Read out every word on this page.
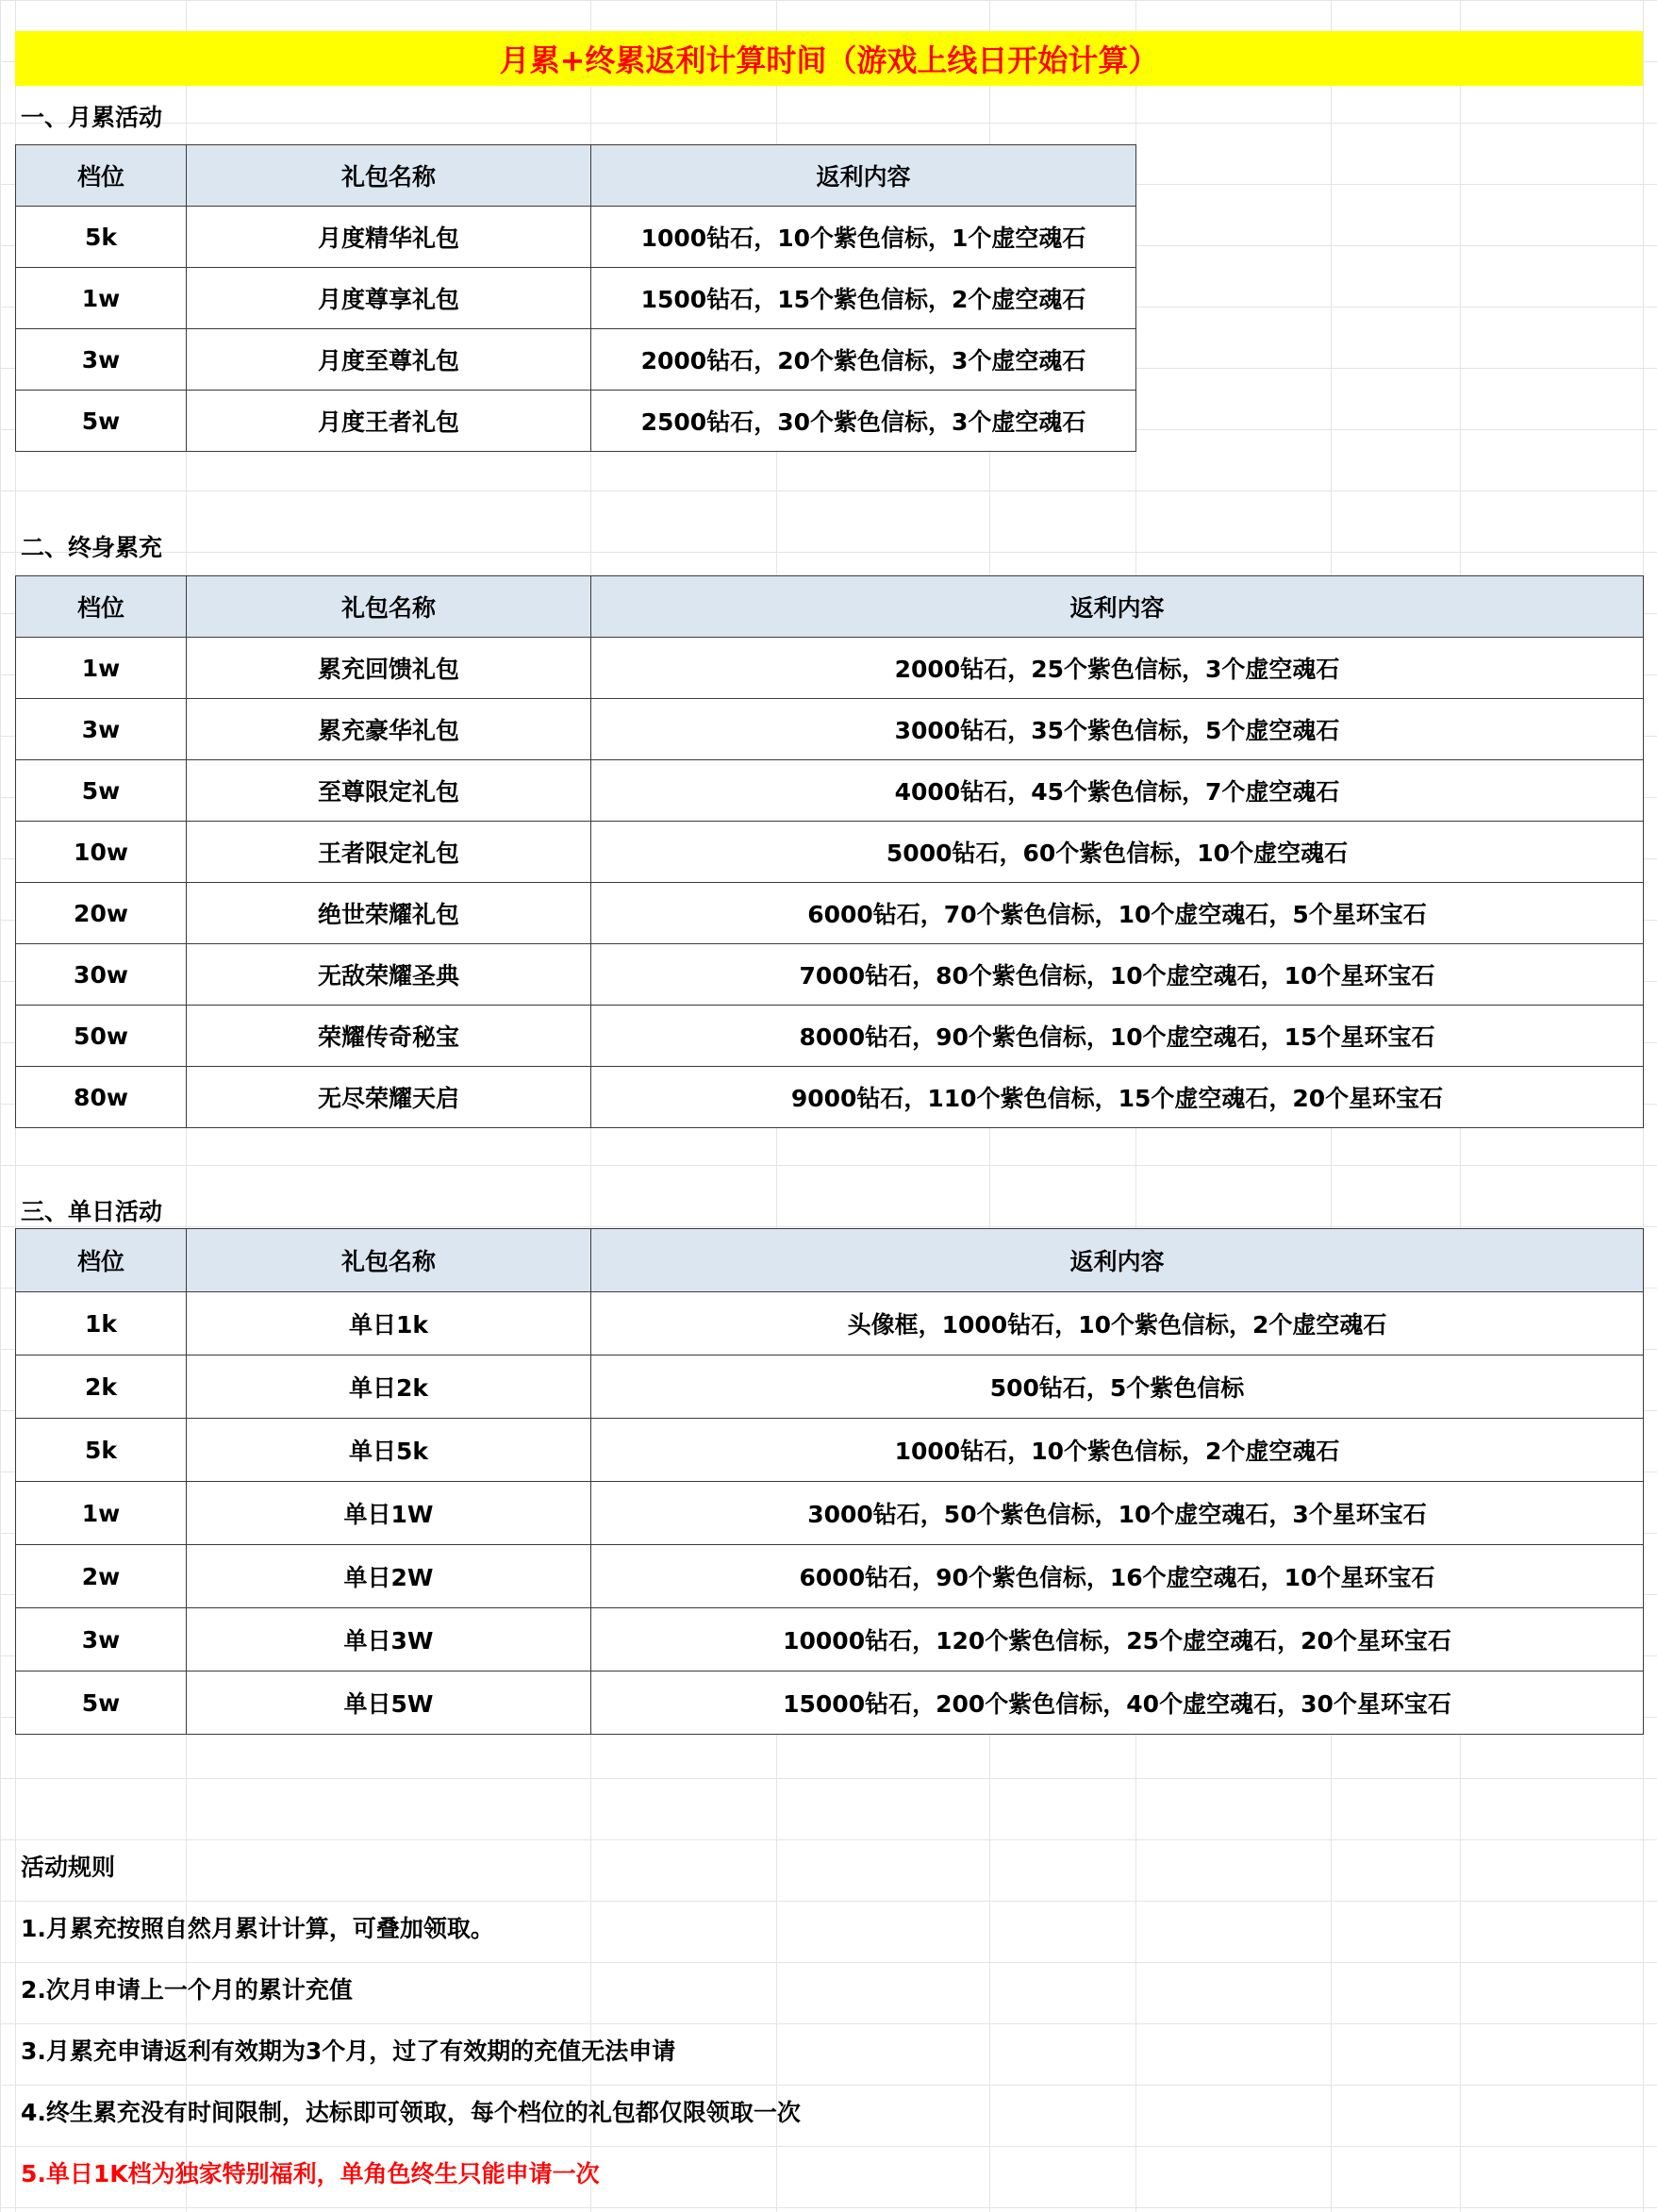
月累+终累返利计算时间（游戏上线日开始计算）
一、月累活动
档位	礼包名称	返利内容
5k	月度精华礼包	1000钻石，10个紫色信标，1个虚空魂石
1w	月度尊享礼包	1500钻石，15个紫色信标，2个虚空魂石
3w	月度至尊礼包	2000钻石，20个紫色信标，3个虚空魂石
5w	月度王者礼包	2500钻石，30个紫色信标，3个虚空魂石
二、终身累充
档位	礼包名称	返利内容
1w	累充回馈礼包	2000钻石，25个紫色信标，3个虚空魂石
3w	累充豪华礼包	3000钻石，35个紫色信标，5个虚空魂石
5w	至尊限定礼包	4000钻石，45个紫色信标，7个虚空魂石
10w	王者限定礼包	5000钻石，60个紫色信标，10个虚空魂石
20w	绝世荣耀礼包	6000钻石，70个紫色信标，10个虚空魂石，5个星环宝石
30w	无敌荣耀圣典	7000钻石，80个紫色信标，10个虚空魂石，10个星环宝石
50w	荣耀传奇秘宝	8000钻石，90个紫色信标，10个虚空魂石，15个星环宝石
80w	无尽荣耀天启	9000钻石，110个紫色信标，15个虚空魂石，20个星环宝石
三、单日活动
档位	礼包名称	返利内容
1k	单日1k	头像框，1000钻石，10个紫色信标，2个虚空魂石
2k	单日2k	500钻石，5个紫色信标
5k	单日5k	1000钻石，10个紫色信标，2个虚空魂石
1w	单日1W	3000钻石，50个紫色信标，10个虚空魂石，3个星环宝石
2w	单日2W	6000钻石，90个紫色信标，16个虚空魂石，10个星环宝石
3w	单日3W	10000钻石，120个紫色信标，25个虚空魂石，20个星环宝石
5w	单日5W	15000钻石，200个紫色信标，40个虚空魂石，30个星环宝石
活动规则
1.月累充按照自然月累计计算，可叠加领取。
2.次月申请上一个月的累计充值
3.月累充申请返利有效期为3个月，过了有效期的充值无法申请
4.终生累充没有时间限制，达标即可领取，每个档位的礼包都仅限领取一次
5.单日1K档为独家特别福利，单角色终生只能申请一次
